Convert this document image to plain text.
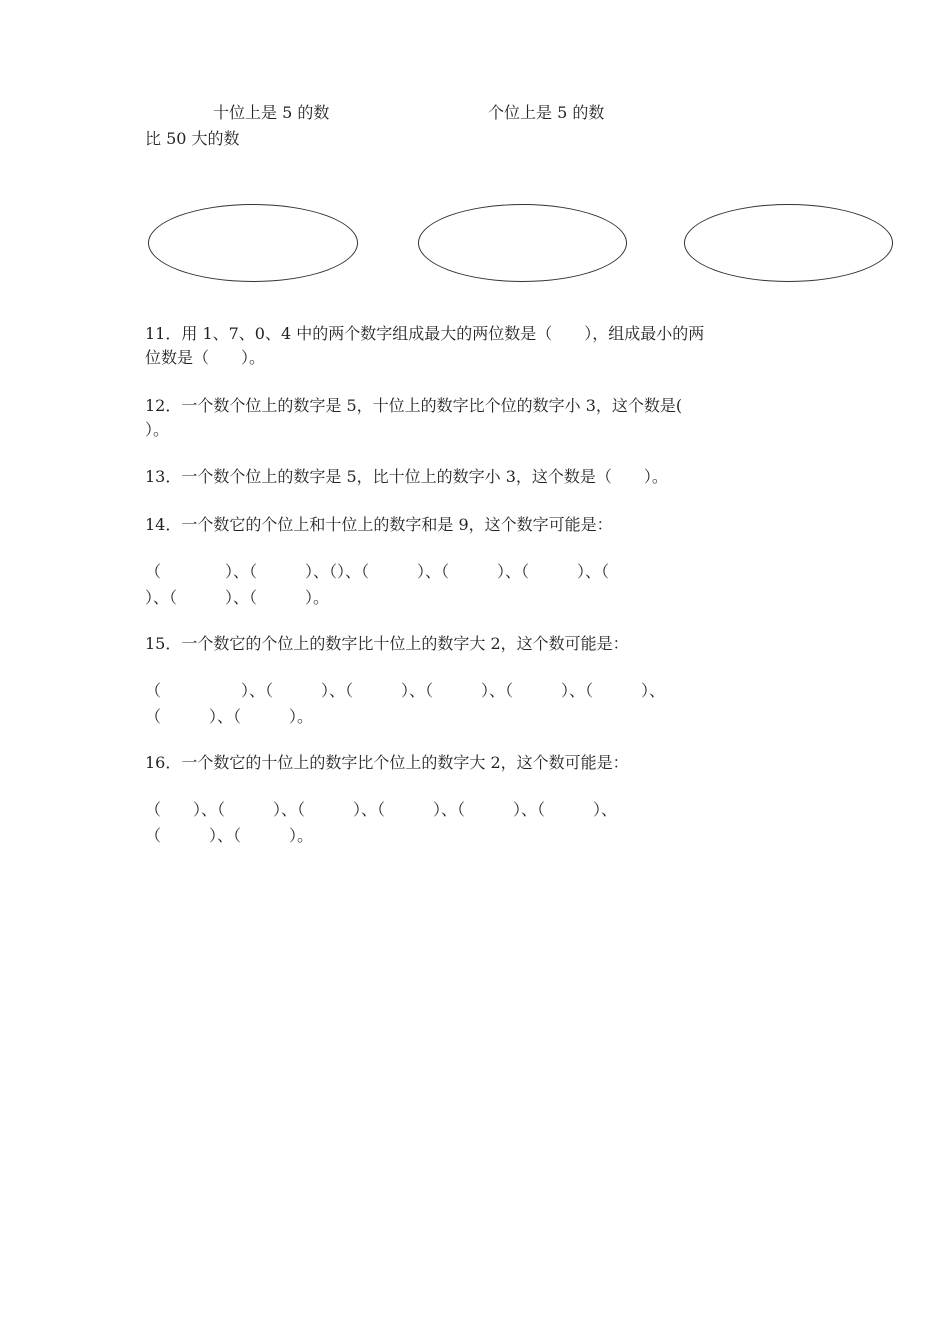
十位上是 5 的数	个位上是 5 的数

比 50 大的数

11．用 1、7、0、4 中的两个数字组成最大的两位数是（　　），组成最小的两

位数是（　　）。

12．一个数个位上的数字是 5，十位上的数字比个位的数字小 3，这个数是(

）。

13．一个数个位上的数字是 5，比十位上的数字小 3，这个数是（　　）。

14．一个数它的个位上和十位上的数字和是 9，这个数字可能是：

（　　　　）、（　　　）、（）、（　　　）、（　　　）、（　　　）、（

）、（　　　）、（　　　）。

15．一个数它的个位上的数字比十位上的数字大 2，这个数可能是：

（　　　　　）、（　　　）、（　　　）、（　　　）、（　　　）、（　　　）、

（　　　）、（　　　）。

16．一个数它的十位上的数字比个位上的数字大 2，这个数可能是：

（　　）、（　　　）、（　　　）、（　　　）、（　　　）、（　　　）、

（　　　）、（　　　）。
